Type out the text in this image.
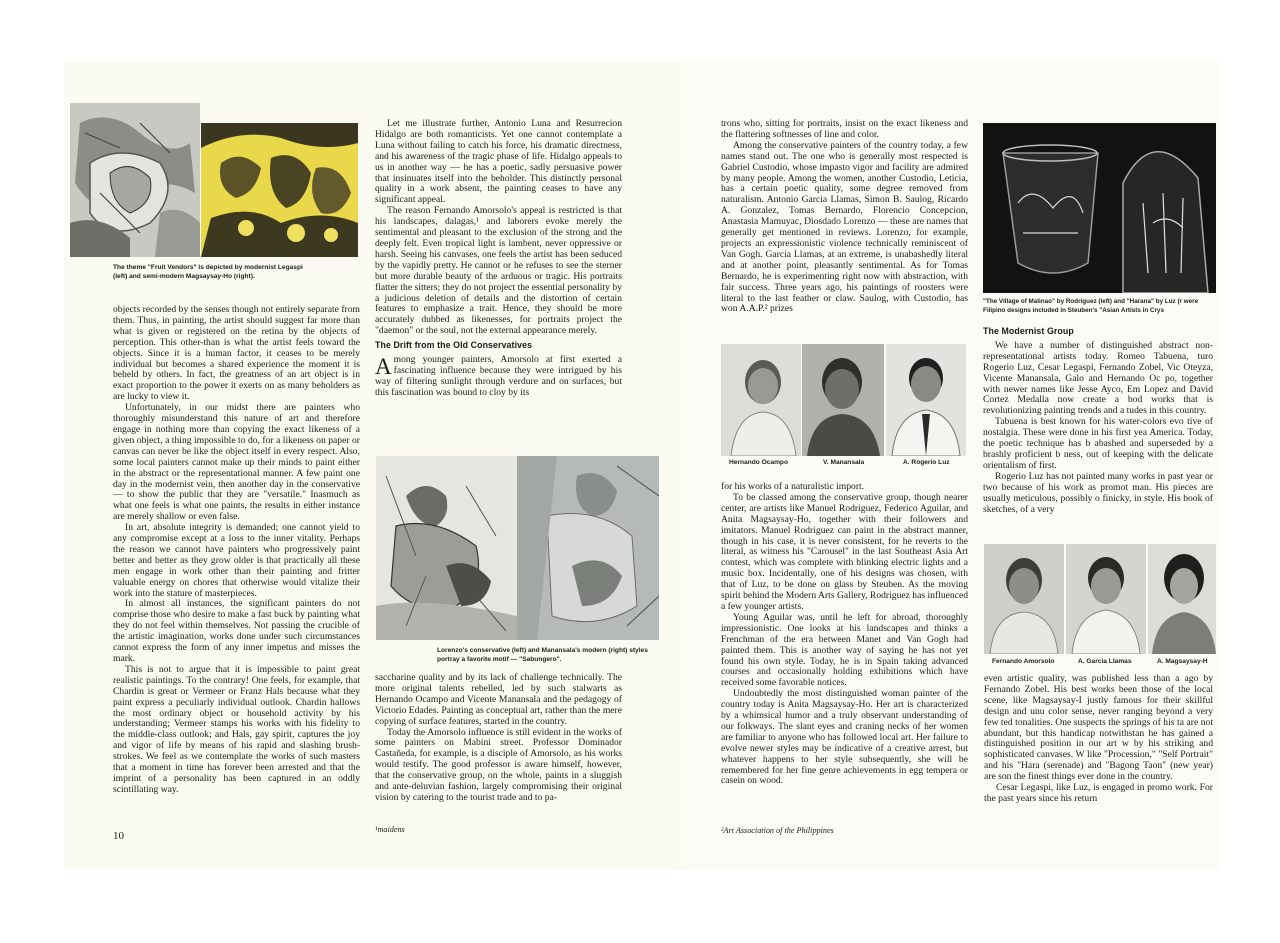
The theme "Fruit Vendors" is depicted by modernist Legaspi (left) and semi-modern Magsaysay-Ho (right).

objects recorded by the senses though not entirely separate from them. Thus, in painting, the artist should suggest far more than what is given or registered on the retina by the objects of perception. This other-than is what the artist feels toward the objects. Since it is a human factor, it ceases to be merely individual but becomes a shared experience the moment it is beheld by others. In fact, the greatness of an art object is in exact proportion to the power it exerts on as many beholders as are lucky to view it.

Unfortunately, in our midst there are painters who thoroughly misunderstand this nature of art and therefore engage in nothing more than copying the exact likeness of a given object, a thing impossible to do, for a likeness on paper or canvas can never be like the object itself in every respect. Also, some local painters cannot make up their minds to paint either in the abstract or the representational manner. A few paint one day in the modernist vein, then another day in the conservative — to show the public that they are "versatile." Inasmuch as what one feels is what one paints, the results in either instance are merely shallow or even false.

In art, absolute integrity is demanded; one cannot yield to any compromise except at a loss to the inner vitality. Perhaps the reason we cannot have painters who progressively paint better and better as they grow older is that practically all these men engage in work other than their painting and fritter valuable energy on chores that otherwise would vitalize their work into the stature of masterpieces.

In almost all instances, the significant painters do not comprise those who desire to make a fast buck by painting what they do not feel within themselves. Not passing the crucible of the artistic imagination, works done under such circumstances cannot express the form of any inner impetus and misses the mark.

This is not to argue that it is impossible to paint great realistic paintings. To the contrary! One feels, for example, that Chardin is great or Vermeer or Franz Hals because what they paint express a peculiarly individual outlook. Chardin hallows the most ordinary object or household activity by his understanding; Vermeer stamps his works with his fidelity to the middle-class outlook; and Hals, gay spirit, captures the joy and vigor of life by means of his rapid and slashing brush-strokes. We feel as we contemplate the works of such masters that a moment in time has forever been arrested and that the imprint of a personality has been captured in an oddly scintillating way.

10

Let me illustrate further, Antonio Luna and Resurrecion Hidalgo are both romanticists. Yet one cannot contemplate a Luna without failing to catch his force, his dramatic directness, and his awareness of the tragic phase of life. Hidalgo appeals to us in another way — he has a poetic, sadly persuasive power that insinuates itself into the beholder. This distinctly personal quality in a work absent, the painting ceases to have any significant appeal.

The reason Fernando Amorsolo's appeal is restricted is that his landscapes, dalagas,¹ and laborers evoke merely the sentimental and pleasant to the exclusion of the strong and the deeply felt. Even tropical light is lambent, never oppressive or harsh. Seeing his canvases, one feels the artist has been seduced by the vapidly pretty. He cannot or he refuses to see the sterner but more durable beauty of the arduous or tragic. His portraits flatter the sitters; they do not project the essential personality by a judicious deletion of details and the distortion of certain features to emphasize a trait. Hence, they should be more accurately dubbed as likenesses, for portraits project the "daemon" or the soul, not the external appearance merely.

The Drift from the Old Conservatives

Among younger painters, Amorsolo at first exerted a fascinating influence because they were intrigued by his way of filtering sunlight through verdure and on surfaces, but this fascination was bound to cloy by its

Lorenzo's conservative (left) and Manansala's modern (right) styles portray a favorite motif — "Sabungero".

saccharine quality and by its lack of challenge technically. The more original talents rebelled, led by such stalwarts as Hernando Ocampo and Vicente Manansala and the pedagogy of Victorio Edades. Painting as conceptual art, rather than the mere copying of surface features, started in the country.

Today the Amorsolo influence is still evident in the works of some painters on Mabini street. Professor Dominador Castañeda, for example, is a disciple of Amorsolo, as his works would testify. The good professor is aware himself, however, that the conservative group, on the whole, paints in a sluggish and ante-deluvian fashion, largely compromising their original vision by catering to the tourist trade and to pa-

¹maidens

trons who, sitting for portraits, insist on the exact likeness and the flattering softnesses of line and color.

Among the conservative painters of the country today, a few names stand out. The one who is generally most respected is Gabriel Custodio, whose impasto vigor and facility are admired by many people. Among the women, another Custodio, Leticia, has a certain poetic quality, some degree removed from naturalism. Antonio Garcia Llamas, Simon B. Saulog, Ricardo A. Gonzalez, Tomas Bernardo, Florencio Concepcion, Anastasia Mamuyac, Diosdado Lorenzo — these are names that generally get mentioned in reviews. Lorenzo, for example, projects an expressionistic violence technically reminiscent of Van Gogh. Garcia Llamas, at an extreme, is unabashedly literal and at another point, pleasantly sentimental. As for Tomas Bernardo, he is experimenting right now with abstraction, with fair success. Three years ago, his paintings of roosters were literal to the last feather or claw. Saulog, with Custodio, has won A.A.P.² prizes

Hernando Ocampo	V. Manansala	A. Rogerio Luz

for his works of a naturalistic import.

To be classed among the conservative group, though nearer center, are artists like Manuel Rodriguez, Federico Aguilar, and Anita Magsaysay-Ho, together with their followers and imitators. Manuel Rodriguez can paint in the abstract manner, though in his case, it is never consistent, for he reverts to the literal, as witness his "Carousel" in the last Southeast Asia Art contest, which was complete with blinking electric lights and a music box. Incidentally, one of his designs was chosen, with that of Luz, to be done on glass by Steuben. As the moving spirit behind the Modern Arts Gallery, Rodriguez has influenced a few younger artists.

Young Aguilar was, until he left for abroad, thoroughly impressionistic. One looks at his landscapes and thinks a Frenchman of the era between Manet and Van Gogh had painted them. This is another way of saying he has not yet found his own style. Today, he is in Spain taking advanced courses and occasionally holding exhibitions which have received some favorable notices.

Undoubtedly the most distinguished woman painter of the country today is Anita Magsaysay-Ho. Her art is characterized by a whimsical humor and a truly observant understanding of our folkways. The slant eyes and craning necks of her women are familiar to anyone who has followed local art. Her failure to evolve newer styles may be indicative of a creative arrest, but whatever happens to her style subsequently, she will be remembered for her fine genre achievements in egg tempera or casein on wood.

²Art Association of the Philippines
"The Village of Malinao" by Rodriguez (left) and "Harana" by Luz (r were Filipino designs included in Steuben's "Asian Artists in Crys
The Modernist Group

We have a number of distinguished abstract non-representational artists today. Romeo Tabuena, turo Rogerio Luz, Cesar Legaspi, Fernando Zobel, Vic Oteyza, Vicente Manansala, Galo and Hernando Oc po, together with newer names like Jesse Ayco, Em Lopez and David Cortez Medalla now create a bod works that is revolutionizing painting trends and a tudes in this country.

Tabuena is best known for his water-colors evo tive of nostalgia. These were done in his first yea America. Today, the poetic technique has b abashed and superseded by a brashly proficient b ness, out of keeping with the delicate orientalism of first.

Rogerio Luz has not painted many works in past year or two because of his work as promot man. His pieces are usually meticulous, possibly o finicky, in style. His book of sketches, of a very

Fernando Amorsolo	A. Garcia Llamas	A. Magsaysay-H

even artistic quality, was published less than a ago by Fernando Zobel. His best works been those of the local scene, like Magsaysay-I justly famous for their skillful design and unu color sense, never ranging beyond a very few ted tonalities. One suspects the springs of his ta are not abundant, but this handicap notwithstan he has gained a distinguished position in our art w by his striking and sophisticated canvases. W like "Procession," "Self Portrait" and his "Hara (serenade) and "Bagong Taon" (new year) are son the finest things ever done in the country.

Cesar Legaspi, like Luz, is engaged in promo work. For the past years since his return
